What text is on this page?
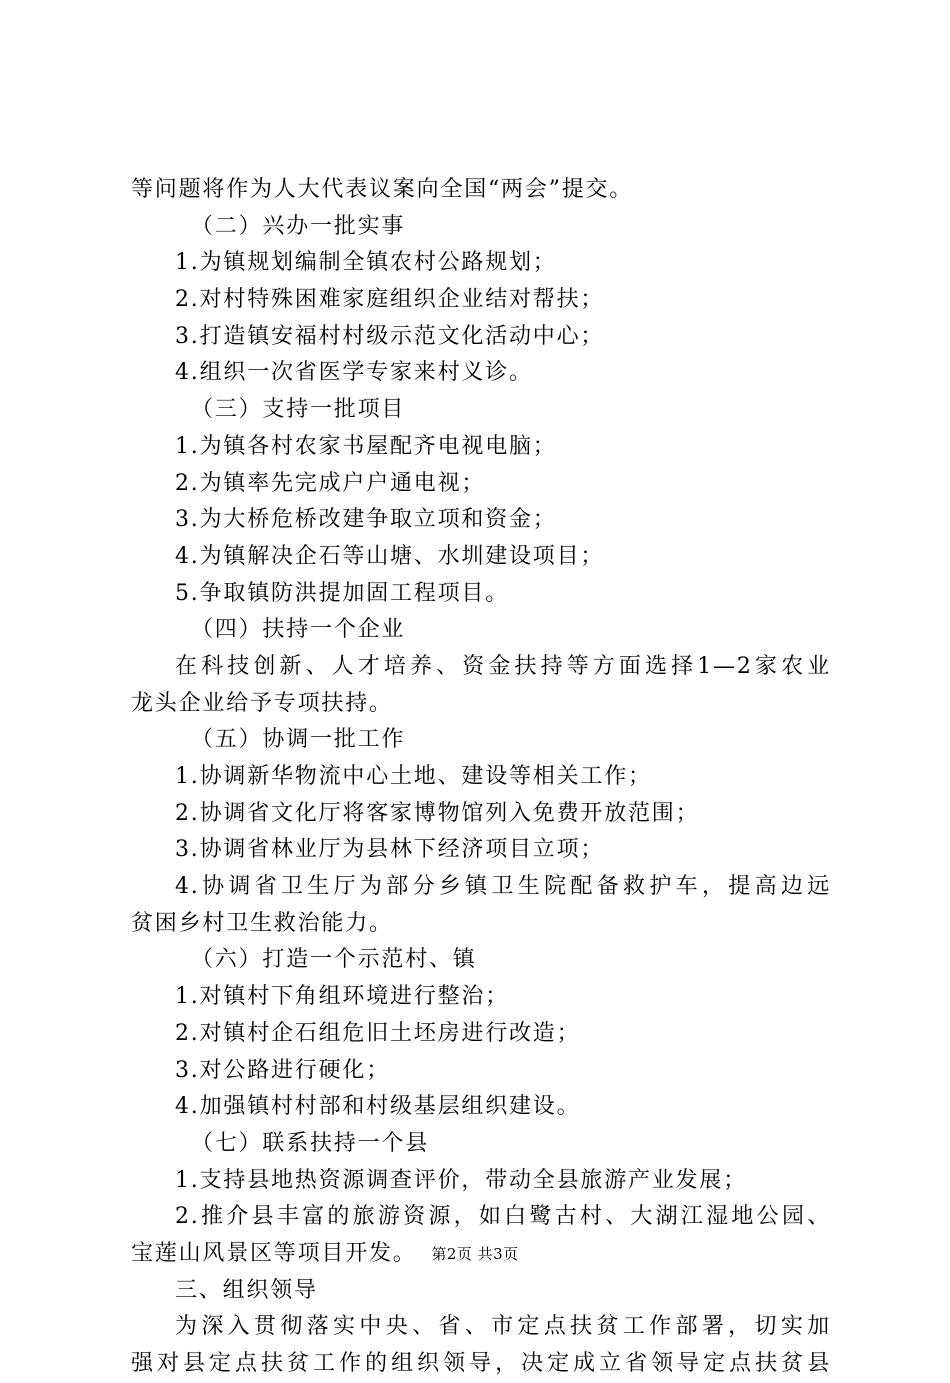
等问题将作为人大代表议案向全国“两会”提交。
（二）兴办一批实事
1.为镇规划编制全镇农村公路规划；
2.对村特殊困难家庭组织企业结对帮扶；
3.打造镇安福村村级示范文化活动中心；
4.组织一次省医学专家来村义诊。
（三）支持一批项目
1.为镇各村农家书屋配齐电视电脑；
2.为镇率先完成户户通电视；
3.为大桥危桥改建争取立项和资金；
4.为镇解决企石等山塘、水圳建设项目；
5.争取镇防洪提加固工程项目。
（四）扶持一个企业
在科技创新、人才培养、资金扶持等方面选择1—2家农业
龙头企业给予专项扶持。
（五）协调一批工作
1.协调新华物流中心土地、建设等相关工作；
2.协调省文化厅将客家博物馆列入免费开放范围；
3.协调省林业厅为县林下经济项目立项；
4.协调省卫生厅为部分乡镇卫生院配备救护车，提高边远
贫困乡村卫生救治能力。
（六）打造一个示范村、镇
1.对镇村下角组环境进行整治；
2.对镇村企石组危旧土坯房进行改造；
3.对公路进行硬化；
4.加强镇村村部和村级基层组织建设。
（七）联系扶持一个县
1.支持县地热资源调查评价，带动全县旅游产业发展；
2.推介县丰富的旅游资源，如白鹭古村、大湖江湿地公园、
宝莲山风景区等项目开发。
三、组织领导
为深入贯彻落实中央、省、市定点扶贫工作部署，切实加
强对县定点扶贫工作的组织领导，决定成立省领导定点扶贫县
第2页 共3页
